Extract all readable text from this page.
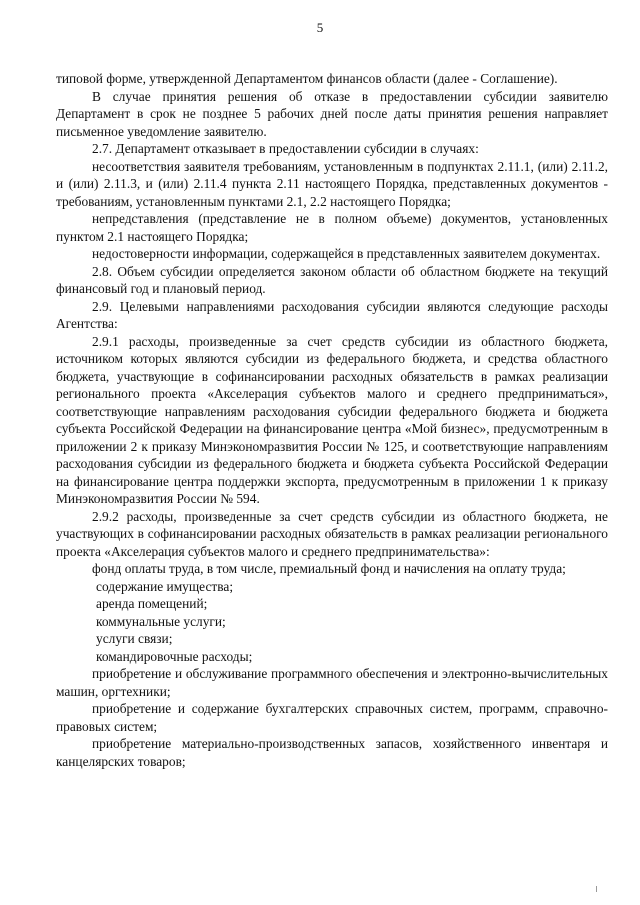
5

типовой форме, утвержденной Департаментом финансов области (далее - Соглашение).

В случае принятия решения об отказе в предоставлении субсидии заявителю Департамент в срок не позднее 5 рабочих дней после даты принятия решения направляет письменное уведомление заявителю.

2.7. Департамент отказывает в предоставлении субсидии в случаях:

несоответствия заявителя требованиям, установленным в подпунктах 2.11.1, (или) 2.11.2, и (или) 2.11.3, и (или) 2.11.4 пункта 2.11 настоящего Порядка, представленных документов - требованиям, установленным пунктами 2.1, 2.2 настоящего Порядка;

непредставления (представление не в полном объеме) документов, установленных пунктом 2.1 настоящего Порядка;

недостоверности информации, содержащейся в представленных заявителем документах.

2.8. Объем субсидии определяется законом области об областном бюджете на текущий финансовый год и плановый период.

2.9. Целевыми направлениями расходования субсидии являются следующие расходы Агентства:

2.9.1 расходы, произведенные за счет средств субсидии из областного бюджета, источником которых являются субсидии из федерального бюджета, и средства областного бюджета, участвующие в софинансировании расходных обязательств в рамках реализации регионального проекта «Акселерация субъектов малого и среднего предприниматься», соответствующие направлениям расходования субсидии федерального бюджета и бюджета субъекта Российской Федерации на финансирование центра «Мой бизнес», предусмотренным в приложении 2 к приказу Минэкономразвития России № 125, и соответствующие направлениям расходования субсидии из федерального бюджета и бюджета субъекта Российской Федерации на финансирование центра поддержки экспорта, предусмотренным в приложении 1 к приказу Минэкономразвития России № 594.

2.9.2 расходы, произведенные за счет средств субсидии из областного бюджета, не участвующих в софинансировании расходных обязательств в рамках реализации регионального проекта «Акселерация субъектов малого и среднего предпринимательства»:

фонд оплаты труда, в том числе, премиальный фонд и начисления на оплату труда;

содержание имущества;

аренда помещений;

коммунальные услуги;

услуги связи;

командировочные расходы;

приобретение и обслуживание программного обеспечения и электронно-вычислительных машин, оргтехники;

приобретение и содержание бухгалтерских справочных систем, программ, справочно-правовых систем;

приобретение материально-производственных запасов, хозяйственного инвентаря и канцелярских товаров;
